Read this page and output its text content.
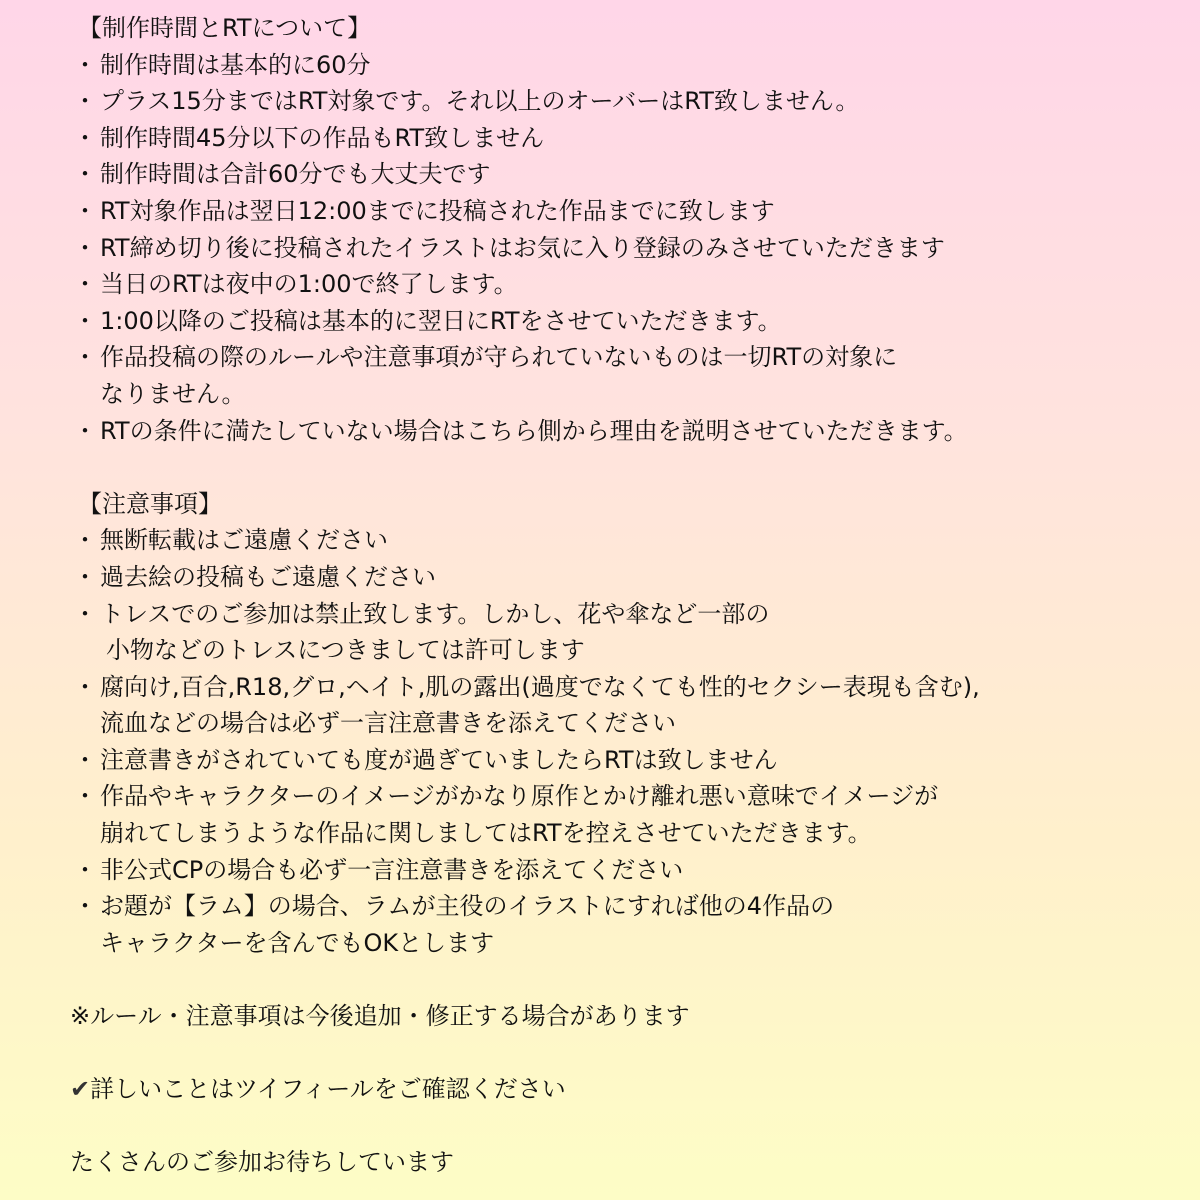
【制作時間とRTについて】
・ 制作時間は基本的に60分
・ プラス15分まではRT対象です。それ以上のオーバーはRT致しません。
・ 制作時間45分以下の作品もRT致しません
・ 制作時間は合計60分でも大丈夫です
・ RT対象作品は翌日12:00までに投稿された作品までに致します
・ RT締め切り後に投稿されたイラストはお気に入り登録のみさせていただきます
・ 当日のRTは夜中の1:00で終了します。
・ 1:00以降のご投稿は基本的に翌日にRTをさせていただきます。
・ 作品投稿の際のルールや注意事項が守られていないものは一切RTの対象に
なりません。
・ RTの条件に満たしていない場合はこちら側から理由を説明させていただきます。
【注意事項】
・ 無断転載はご遠慮ください
・ 過去絵の投稿もご遠慮ください
・ トレスでのご参加は禁止致します。しかし、花や傘など一部の
小物などのトレスにつきましては許可します
・ 腐向け,百合,R18,グロ,ヘイト,肌の露出(過度でなくても性的セクシー表現も含む),
流血などの場合は必ず一言注意書きを添えてください
・ 注意書きがされていても度が過ぎていましたらRTは致しません
・ 作品やキャラクターのイメージがかなり原作とかけ離れ悪い意味でイメージが
崩れてしまうような作品に関しましてはRTを控えさせていただきます。
・ 非公式CPの場合も必ず一言注意書きを添えてください
・ お題が【ラム】の場合、ラムが主役のイラストにすれば他の4作品の
キャラクターを含んでもOKとします
※ルール・注意事項は今後追加・修正する場合があります
✔詳しいことはツイフィールをご確認ください
たくさんのご参加お待ちしています
